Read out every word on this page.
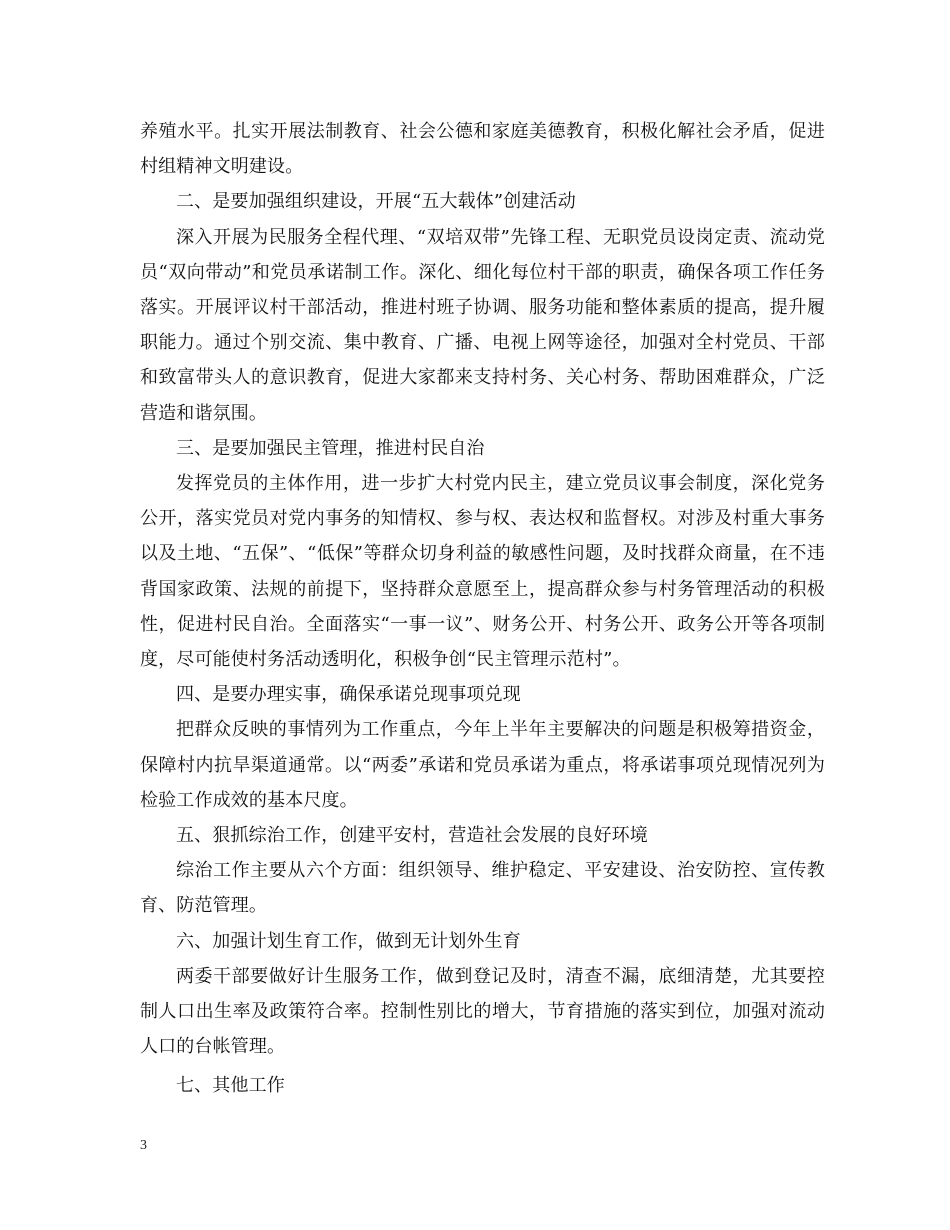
养殖水平。扎实开展法制教育、社会公德和家庭美德教育，积极化解社会矛盾，促进村组精神文明建设。

二、是要加强组织建设，开展“五大载体”创建活动

深入开展为民服务全程代理、“双培双带”先锋工程、无职党员设岗定责、流动党员“双向带动”和党员承诺制工作。深化、细化每位村干部的职责，确保各项工作任务落实。开展评议村干部活动，推进村班子协调、服务功能和整体素质的提高，提升履职能力。通过个别交流、集中教育、广播、电视上网等途径，加强对全村党员、干部和致富带头人的意识教育，促进大家都来支持村务、关心村务、帮助困难群众，广泛营造和谐氛围。

三、是要加强民主管理，推进村民自治

发挥党员的主体作用，进一步扩大村党内民主，建立党员议事会制度，深化党务公开，落实党员对党内事务的知情权、参与权、表达权和监督权。对涉及村重大事务以及土地、“五保”、“低保”等群众切身利益的敏感性问题，及时找群众商量，在不违背国家政策、法规的前提下，坚持群众意愿至上，提高群众参与村务管理活动的积极性，促进村民自治。全面落实“一事一议”、财务公开、村务公开、政务公开等各项制度，尽可能使村务活动透明化，积极争创“民主管理示范村”。

四、是要办理实事，确保承诺兑现事项兑现

把群众反映的事情列为工作重点，今年上半年主要解决的问题是积极筹措资金，保障村内抗旱渠道通常。以“两委”承诺和党员承诺为重点，将承诺事项兑现情况列为检验工作成效的基本尺度。

五、狠抓综治工作，创建平安村，营造社会发展的良好环境

综治工作主要从六个方面：组织领导、维护稳定、平安建设、治安防控、宣传教育、防范管理。

六、加强计划生育工作，做到无计划外生育

两委干部要做好计生服务工作，做到登记及时，清查不漏，底细清楚，尤其要控制人口出生率及政策符合率。控制性别比的增大，节育措施的落实到位，加强对流动人口的台帐管理。

七、其他工作

3
